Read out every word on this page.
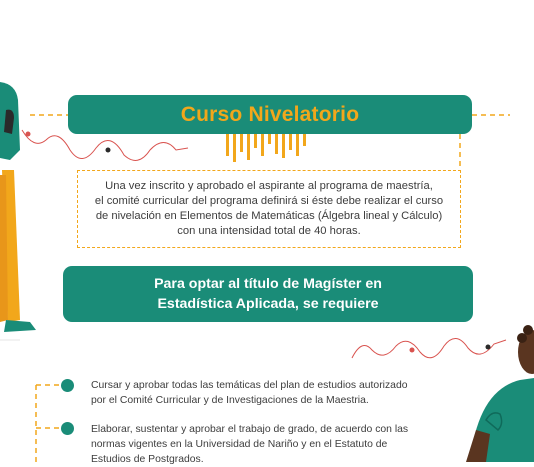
Curso Nivelatorio
Una vez inscrito y aprobado el aspirante al programa de maestría,
el comité curricular del programa definirá si éste debe realizar el curso
de nivelación en Elementos de Matemáticas (Álgebra lineal y Cálculo)
con una intensidad total de 40 horas.
Para optar al título de Magíster en
Estadística Aplicada, se requiere
Cursar y aprobar todas las temáticas del plan de estudios autorizado
por el Comité Curricular y de Investigaciones de la Maestria.
Elaborar, sustentar y aprobar el trabajo de grado, de acuerdo con las
normas vigentes en la Universidad de Nariño y en el Estatuto de
Estudios de Postgrados.
